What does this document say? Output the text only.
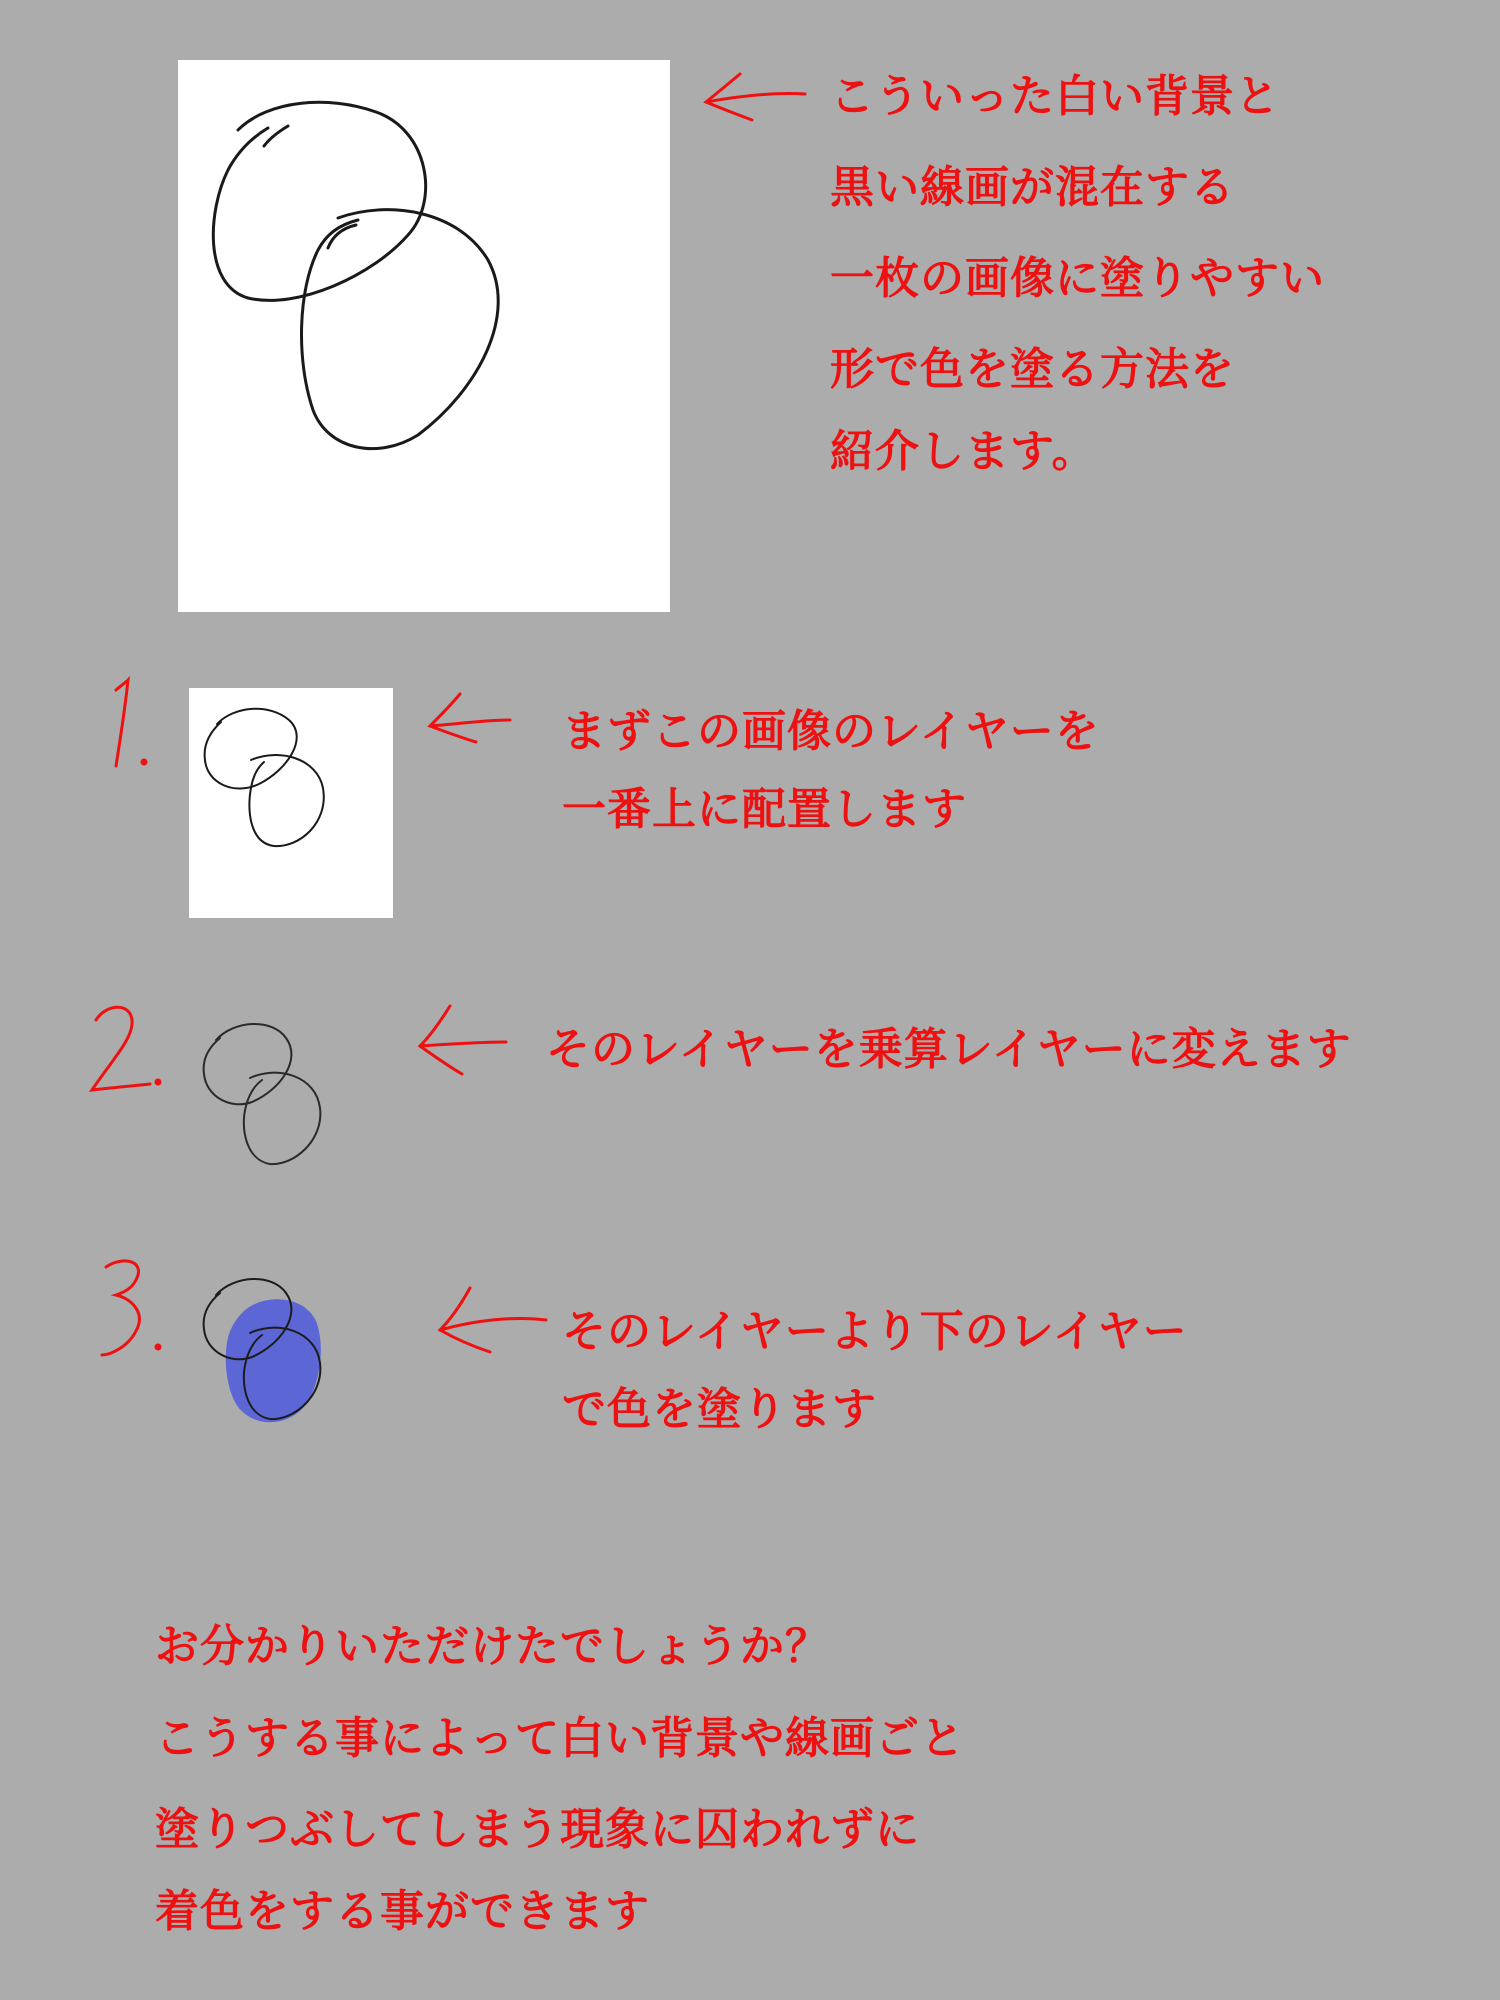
こういった白い背景と
黒い線画が混在する
一枚の画像に塗りやすい
形で色を塗る方法を
紹介します。
まずこの画像のレイヤーを
一番上に配置します
そのレイヤーを乗算レイヤーに変えます
そのレイヤーより下のレイヤー
で色を塗ります
お分かりいただけたでしょうか？
こうする事によって白い背景や線画ごと
塗りつぶしてしまう現象に囚われずに
着色をする事ができます
